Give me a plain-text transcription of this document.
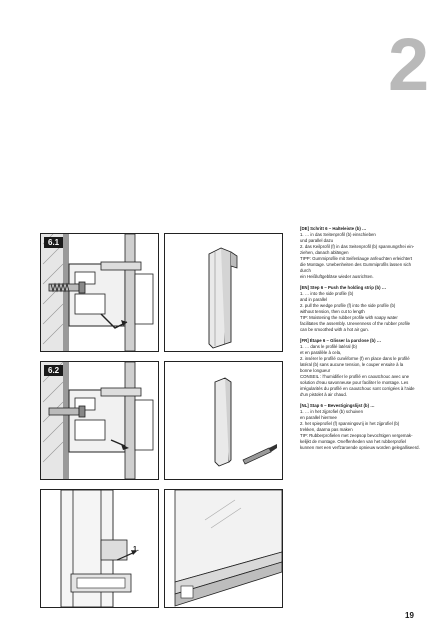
2
6.1
6.2
1.

[DE] Schritt 6 – Halteleiste (b) …

1. … in das Seitenprofil (b) einschieben

und parallel dazu

2. das Keilprofil (f) in das Seitenprofil (b) spannungsfrei ein-

ziehen, danach ablängen

TIPP: Gummiprofile mit Seifenlauge anfeuchten erleichtert

die Montage. Unebenheiten des Gummiprofils lassen sich durch

ein Heißluftgebläse wieder ausrichten.

[EN] Step 6 – Push the holding strip (b) …

1. … into the side profile (b)

and in parallel

2. pull the wedge profile (f) into the side profile (b)

without tension, then cut to length

TIP: Moistening the rubber profile with soapy water

facilitates the assembly. Unevenness of the rubber profile

can be smoothed with a hot air gun.

[FR] Étape 6 – Glisser la parclose (b) …

1. … dans le profilé latéral (b)

et en parallèle à cela,

2. insérer le profilé cunéiforme (f) en place dans le profilé

latéral (b) sans aucune tension, le couper ensuite à la

bonne longueur

CONSEIL : l'humidifier le profilé en caoutchouc avec une

solution d'eau savonneuse pour faciliter le montage. Les

irrégularités du profilé en caoutchouc sont corrigées à l'aide

d'un pistolet à air chaud.

[NL] Stap 6 – Bevestigingslijst (b) …

1. … in het zijprofiel (b) schuiven

en parallel hiermee

2. het spieprofiel (f) spanningsvrij in het zijprofiel (b)

trekken, daarna pas maken

TIP: Rubberprofielen met zeepsop bevochtigen vergemak-

kelijkt de montage. Oneffenheden van het rubberprofiel

kunnen met een verfzaroende opnieuw worden gelegalliseerd.

19
